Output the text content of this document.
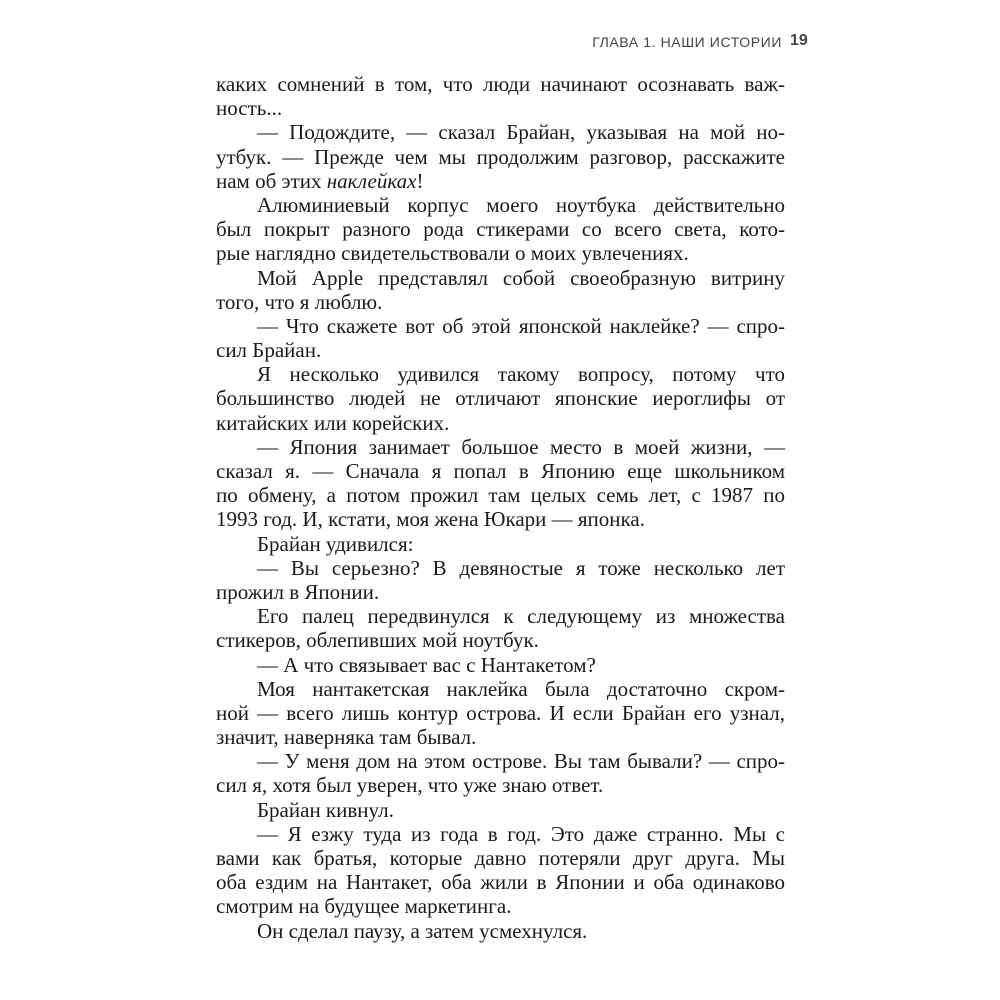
ГЛАВА 1. НАШИ ИСТОРИИ 19
каких сомнений в том, что люди начинают осознавать важ-
ность...
— Подождите, — сказал Брайан, указывая на мой но-
утбук. — Прежде чем мы продолжим разговор, расскажите
нам об этих наклейках!
Алюминиевый корпус моего ноутбука действительно
был покрыт разного рода стикерами со всего света, кото-
рые наглядно свидетельствовали о моих увлечениях.
Мой Apple представлял собой своеобразную витрину
того, что я люблю.
— Что скажете вот об этой японской наклейке? — спро-
сил Брайан.
Я несколько удивился такому вопросу, потому что
большинство людей не отличают японские иероглифы от
китайских или корейских.
— Япония занимает большое место в моей жизни, —
сказал я. — Сначала я попал в Японию еще школьником
по обмену, а потом прожил там целых семь лет, с 1987 по
1993 год. И, кстати, моя жена Юкари — японка.
Брайан удивился:
— Вы серьезно? В девяностые я тоже несколько лет
прожил в Японии.
Его палец передвинулся к следующему из множества
стикеров, облепивших мой ноутбук.
— А что связывает вас с Нантакетом?
Моя нантакетская наклейка была достаточно скром-
ной — всего лишь контур острова. И если Брайан его узнал,
значит, наверняка там бывал.
— У меня дом на этом острове. Вы там бывали? — спро-
сил я, хотя был уверен, что уже знаю ответ.
Брайан кивнул.
— Я езжу туда из года в год. Это даже странно. Мы с
вами как братья, которые давно потеряли друг друга. Мы
оба ездим на Нантакет, оба жили в Японии и оба одинаково
смотрим на будущее маркетинга.
Он сделал паузу, а затем усмехнулся.
